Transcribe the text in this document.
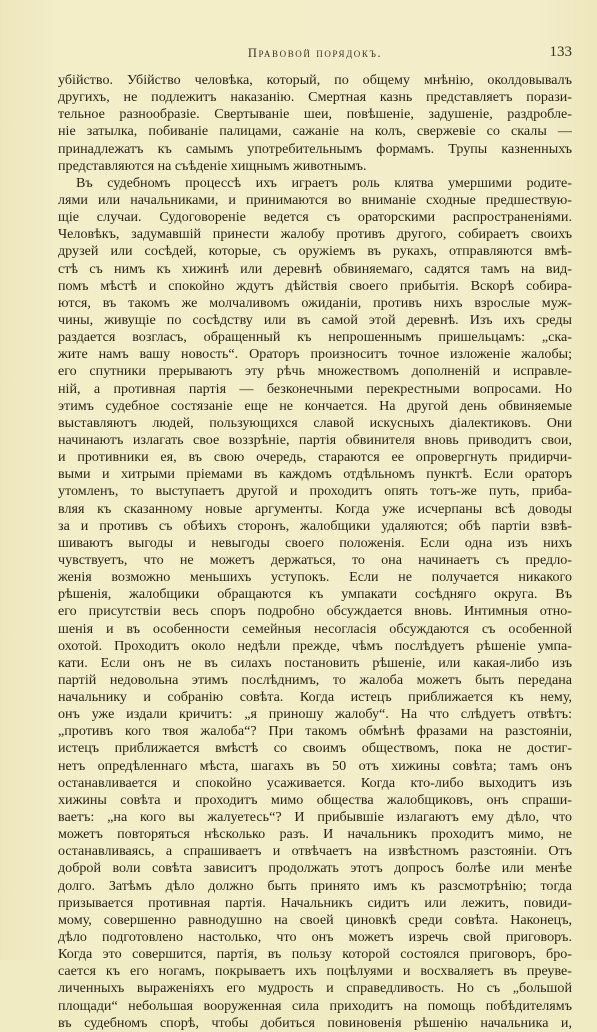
Правовой порядокъ.	133
убійство. Убійство человѣка, который, по общему мнѣнію, околдовывалъ
другихъ, не подлежитъ наказанію. Смертная казнь представляетъ порази-
тельное разнообразіе. Свертываніе шеи, повѣшеніе, задушеніе, раздробле-
ніе затылка, побиваніе палицами, сажаніе на колъ, свержевіе со скалы —
принадлежатъ къ самымъ употребительнымъ формамъ. Трупы казненныхъ
представляются на съѣденіе хищнымъ животнымъ.
Въ судебномъ процессѣ ихъ играетъ роль клятва умершими родите-
лями или начальниками, и принимаются во вниманіе сходные предшествую-
щіе случаи. Судоговореніе ведется съ ораторскими распространеніями.
Человѣкъ, задумавшій принести жалобу противъ другого, собираетъ своихъ
друзей или сосѣдей, которые, съ оружіемъ въ рукахъ, отправляются вмѣ-
стѣ съ нимъ къ хижинѣ или деревнѣ обвиняемаго, садятся тамъ на вид-
помъ мѣстѣ и спокойно ждутъ дѣйствія своего прибытія. Вскорѣ собира-
ются, въ такомъ же молчаливомъ ожиданіи, противъ нихъ взрослые муж-
чины, живущіе по сосѣдству или въ самой этой деревнѣ. Изъ ихъ среды
раздается возгласъ, обращенный къ непрошеннымъ пришельцамъ: „ска-
жите намъ вашу новость“. Ораторъ произноситъ точное изложеніе жалобы;
его спутники прерываютъ эту рѣчь множествомъ дополненій и исправле-
ній, а противная партія — безконечными перекрестными вопросами. Но
этимъ судебное состязаніе еще не кончается. На другой день обвиняемые
выставляютъ людей, пользующихся славой искусныхъ діалектиковъ. Они
начинаютъ излагать свое воззрѣніе, партія обвинителя вновь приводитъ свои,
и противники ея, въ свою очередь, стараются ее опровергнуть придирчи-
выми и хитрыми пріемами въ каждомъ отдѣльномъ пунктѣ. Если ораторъ
утомленъ, то выступаетъ другой и проходитъ опять тотъ-же путь, приба-
вляя къ сказанному новые аргументы. Когда уже исчерпаны всѣ доводы
за и противъ съ обѣихъ сторонъ, жалобщики удаляются; обѣ партіи взвѣ-
шиваютъ выгоды и невыгоды своего положенія. Если одна изъ нихъ
чувствуетъ, что не можетъ держаться, то она начинаетъ съ предло-
женія возможно меньшихъ уступокъ. Если не получается никакого
рѣшенія, жалобщики обращаются къ умпакати сосѣдняго округа. Въ
его присутствіи весь споръ подробно обсуждается вновь. Интимныя отно-
шенія и въ особенности семейныя несогласія обсуждаются съ особенной
охотой. Проходитъ около недѣли прежде, чѣмъ послѣдуетъ рѣшеніе умпа-
кати. Если онъ не въ силахъ постановить рѣшеніе, или какая-либо изъ
партій недовольна этимъ послѣднимъ, то жалоба можетъ быть передана
начальнику и собранію совѣта. Когда истецъ приближается къ нему,
онъ уже издали кричитъ: „я приношу жалобу“. На что слѣдуетъ отвѣтъ:
„противъ кого твоя жалоба“? При такомъ обмѣнѣ фразами на разстояніи,
истецъ приближается вмѣстѣ со своимъ обществомъ, пока не достиг-
нетъ опредѣленнаго мѣста, шагахъ въ 50 отъ хижины совѣта; тамъ онъ
останавливается и спокойно усаживается. Когда кто-либо выходитъ изъ
хижины совѣта и проходитъ мимо общества жалобщиковъ, онъ спраши-
ваетъ: „на кого вы жалуетесь“? И прибывшіе излагаютъ ему дѣло, что
можетъ повторяться нѣсколько разъ. И начальникъ проходитъ мимо, не
останавливаясь, а спрашиваетъ и отвѣчаетъ на извѣстномъ разстояніи. Отъ
доброй воли совѣта зависитъ продолжать этотъ допросъ болѣе или менѣе
долго. Затѣмъ дѣло должно быть принято имъ къ разсмотрѣнію; тогда
призывается противная партія. Начальникъ сидитъ или лежитъ, повиди-
мому, совершенно равнодушно на своей циновкѣ среди совѣта. Наконецъ,
дѣло подготовлено настолько, что онъ можетъ изречь свой приговоръ.
Когда это совершится, партія, въ пользу которой состоялся приговоръ, бро-
сается къ его ногамъ, покрываетъ ихъ поцѣлуями и восхваляетъ въ преуве-
личенныхъ выраженіяхъ его мудрость и справедливость. Но съ „большой
площади“ небольшая вооруженная сила приходитъ на помощь побѣдителямъ
въ судебномъ спорѣ, чтобы добиться повиновенія рѣшенію начальника и,
